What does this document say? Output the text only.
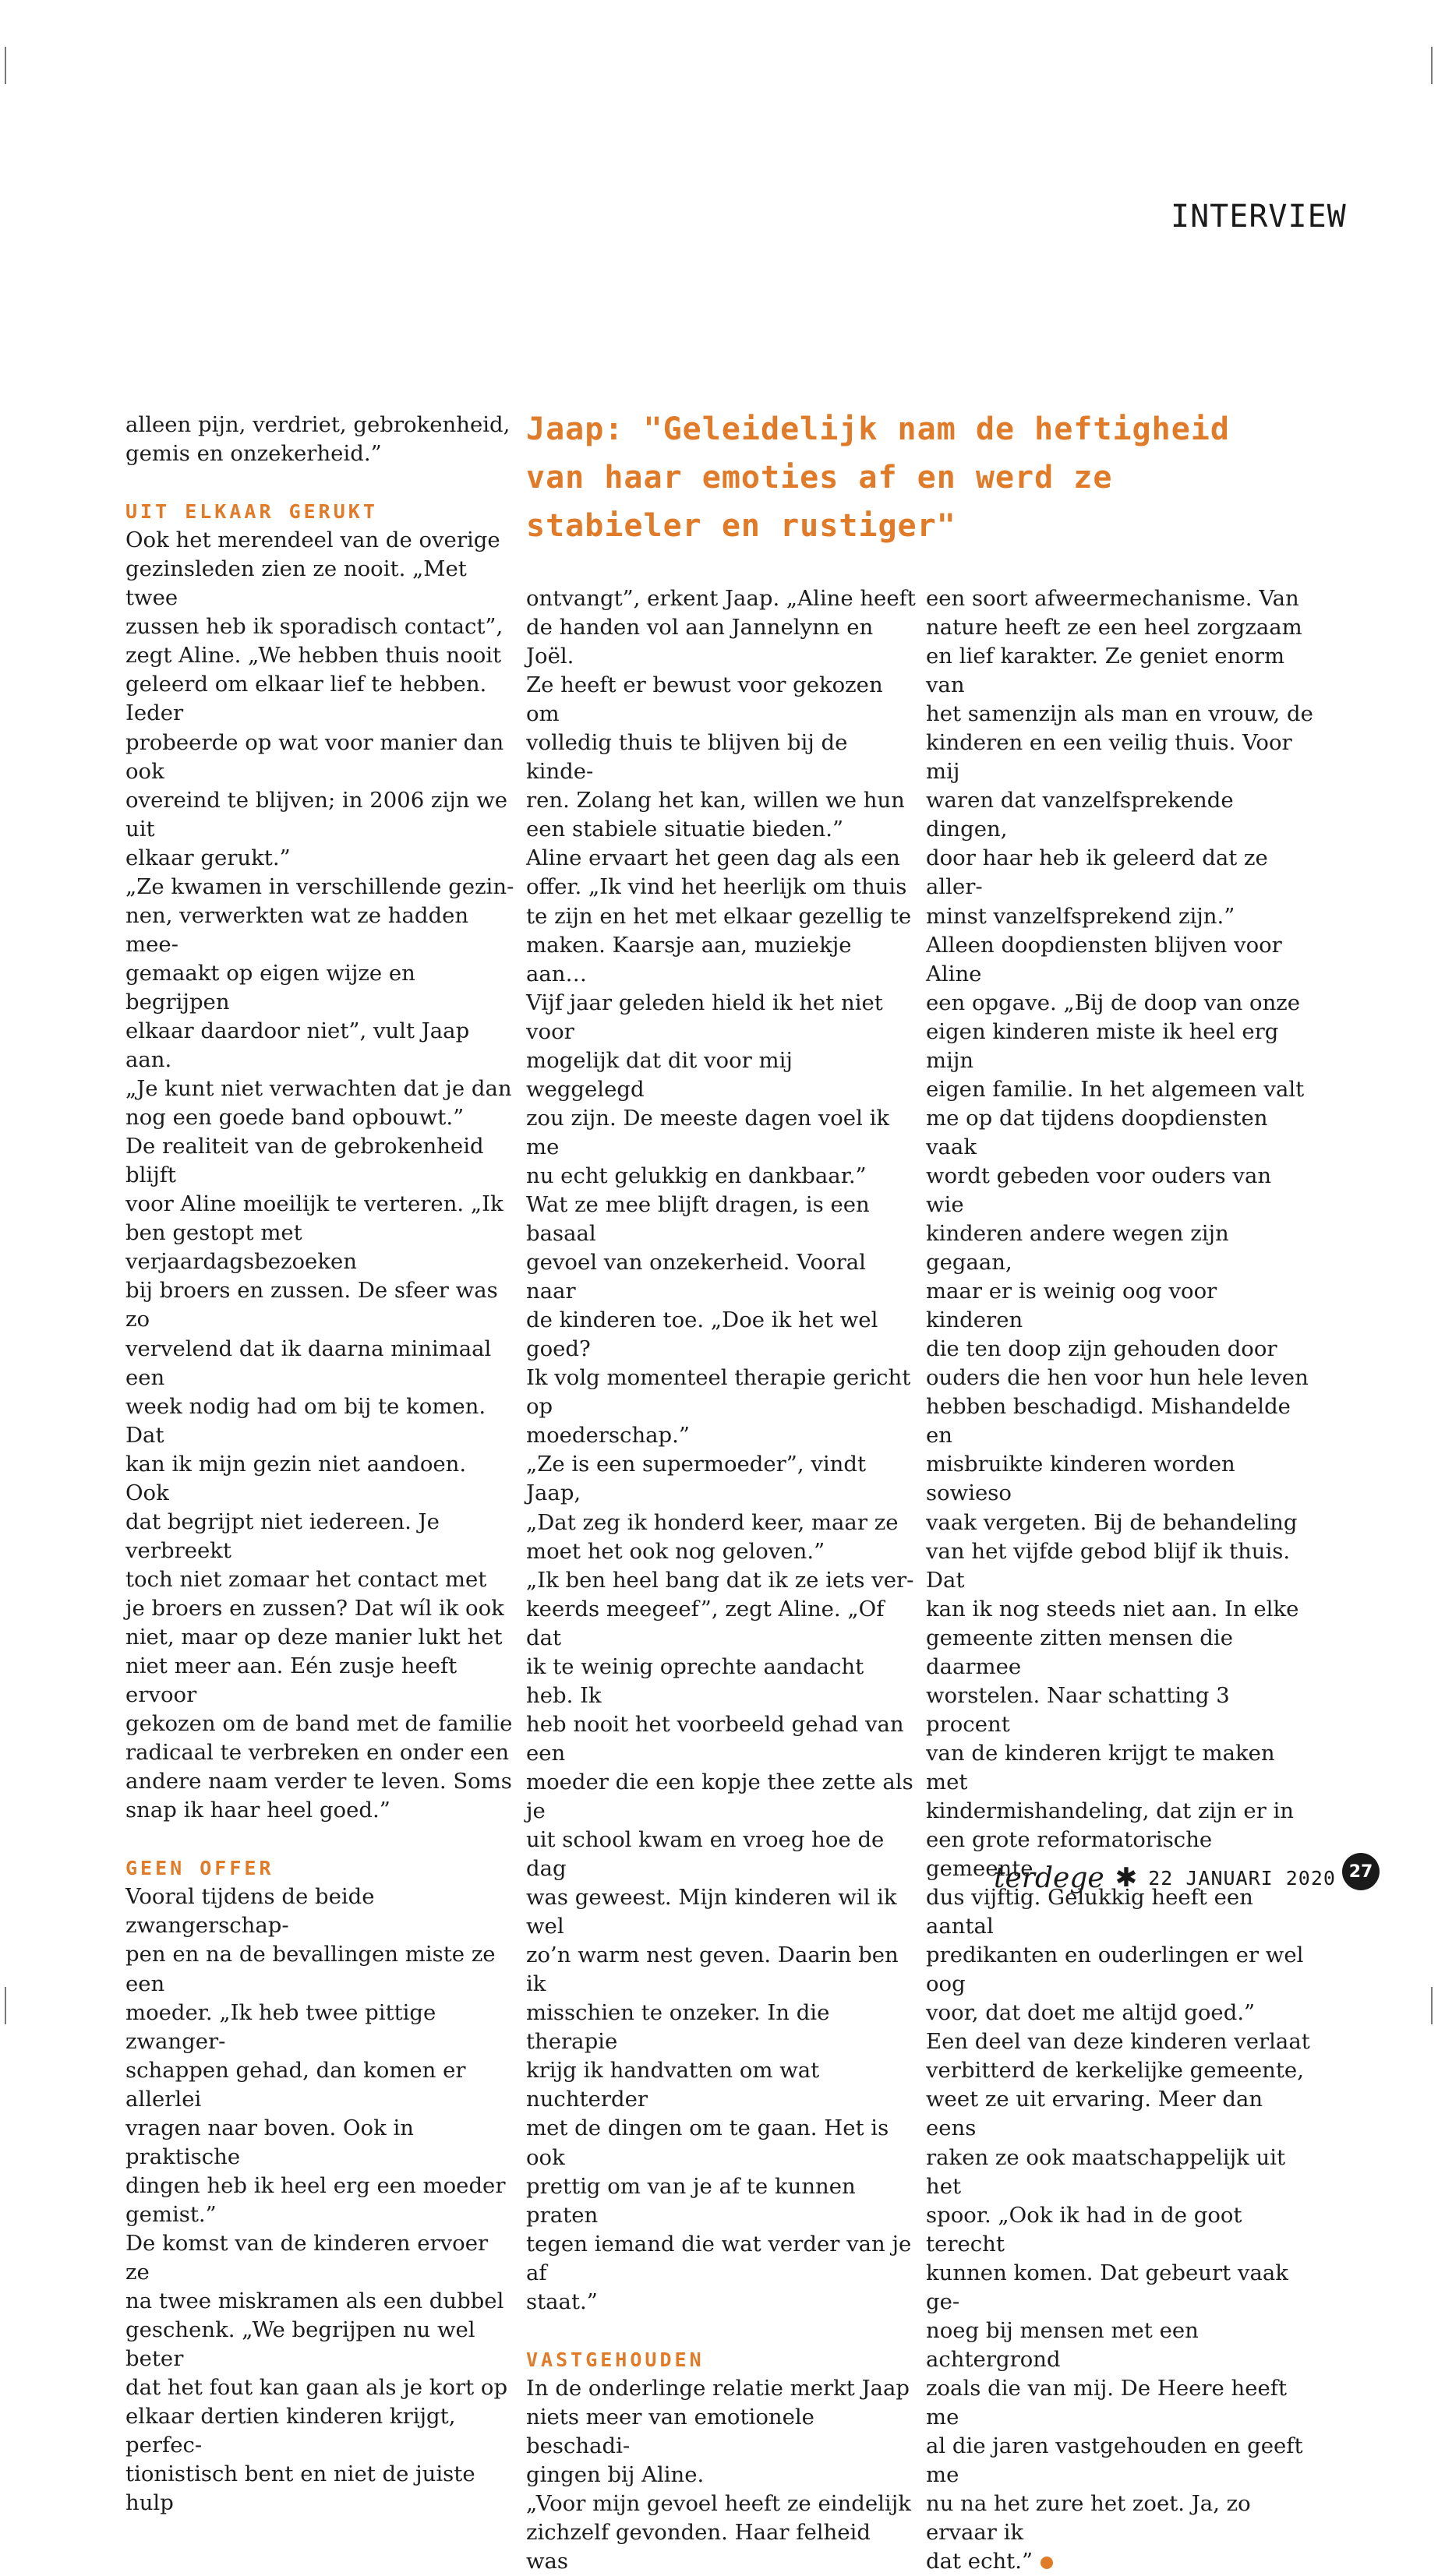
INTERVIEW
Jaap: "Geleidelijk nam de heftigheid
van haar emoties af en werd ze
stabieler en rustiger"

alleen pijn, verdriet, gebrokenheid,
gemis en onzekerheid.”

UIT ELKAAR GERUKT

Ook het merendeel van de overige
gezinsleden zien ze nooit. „Met twee
zussen heb ik sporadisch contact”,
zegt Aline. „We hebben thuis nooit
geleerd om elkaar lief te hebben. Ieder
probeerde op wat voor manier dan ook
overeind te blijven; in 2006 zijn we uit
elkaar gerukt.”

„Ze kwamen in verschillende gezin-
nen, verwerkten wat ze hadden mee-
gemaakt op eigen wijze en begrijpen
elkaar daardoor niet”, vult Jaap aan.
„Je kunt niet verwachten dat je dan
nog een goede band opbouwt.”

De realiteit van de gebrokenheid blijft
voor Aline moeilijk te verteren. „Ik
ben gestopt met verjaardagsbezoeken
bij broers en zussen. De sfeer was zo
vervelend dat ik daarna minimaal een
week nodig had om bij te komen. Dat
kan ik mijn gezin niet aandoen. Ook
dat begrijpt niet iedereen. Je verbreekt
toch niet zomaar het contact met
je broers en zussen? Dat wíl ik ook
niet, maar op deze manier lukt het
niet meer aan. Eén zusje heeft ervoor
gekozen om de band met de familie
radicaal te verbreken en onder een
andere naam verder te leven. Soms
snap ik haar heel goed.”

GEEN OFFER

Vooral tijdens de beide zwangerschap-
pen en na de bevallingen miste ze een
moeder. „Ik heb twee pittige zwanger-
schappen gehad, dan komen er allerlei
vragen naar boven. Ook in praktische
dingen heb ik heel erg een moeder
gemist.”

De komst van de kinderen ervoer ze
na twee miskramen als een dubbel
geschenk. „We begrijpen nu wel beter
dat het fout kan gaan als je kort op
elkaar dertien kinderen krijgt, perfec-
tionistisch bent en niet de juiste hulp

ontvangt”, erkent Jaap. „Aline heeft
de handen vol aan Jannelynn en Joël.
Ze heeft er bewust voor gekozen om
volledig thuis te blijven bij de kinde-
ren. Zolang het kan, willen we hun
een stabiele situatie bieden.”

Aline ervaart het geen dag als een
offer. „Ik vind het heerlijk om thuis
te zijn en het met elkaar gezellig te
maken. Kaarsje aan, muziekje aan…
Vijf jaar geleden hield ik het niet voor
mogelijk dat dit voor mij weggelegd
zou zijn. De meeste dagen voel ik me
nu echt gelukkig en dankbaar.”

Wat ze mee blijft dragen, is een basaal
gevoel van onzekerheid. Vooral naar
de kinderen toe. „Doe ik het wel goed?
Ik volg momenteel therapie gericht op
moederschap.”

„Ze is een supermoeder”, vindt Jaap,
„Dat zeg ik honderd keer, maar ze
moet het ook nog geloven.”

„Ik ben heel bang dat ik ze iets ver-
keerds meegeef”, zegt Aline. „Of dat
ik te weinig oprechte aandacht heb. Ik
heb nooit het voorbeeld gehad van een
moeder die een kopje thee zette als je
uit school kwam en vroeg hoe de dag
was geweest. Mijn kinderen wil ik wel
zo’n warm nest geven. Daarin ben ik
misschien te onzeker. In die therapie
krijg ik handvatten om wat nuchterder
met de dingen om te gaan. Het is ook
prettig om van je af te kunnen praten
tegen iemand die wat verder van je af
staat.”

VASTGEHOUDEN

In de onderlinge relatie merkt Jaap
niets meer van emotionele beschadi-
gingen bij Aline.

„Voor mijn gevoel heeft ze eindelijk
zichzelf gevonden. Haar felheid was

een soort afweermechanisme. Van
nature heeft ze een heel zorgzaam
en lief karakter. Ze geniet enorm van
het samenzijn als man en vrouw, de
kinderen en een veilig thuis. Voor mij
waren dat vanzelfsprekende dingen,
door haar heb ik geleerd dat ze aller-
minst vanzelfsprekend zijn.”

Alleen doopdiensten blijven voor Aline
een opgave. „Bij de doop van onze
eigen kinderen miste ik heel erg mijn
eigen familie. In het algemeen valt
me op dat tijdens doopdiensten vaak
wordt gebeden voor ouders van wie
kinderen andere wegen zijn gegaan,
maar er is weinig oog voor kinderen
die ten doop zijn gehouden door
ouders die hen voor hun hele leven
hebben beschadigd. Mishandelde en
misbruikte kinderen worden sowieso
vaak vergeten. Bij de behandeling
van het vijfde gebod blijf ik thuis. Dat
kan ik nog steeds niet aan. In elke
gemeente zitten mensen die daarmee
worstelen. Naar schatting 3 procent
van de kinderen krijgt te maken met
kindermishandeling, dat zijn er in
een grote reformatorische gemeente
dus vijftig. Gelukkig heeft een aantal
predikanten en ouderlingen er wel oog
voor, dat doet me altijd goed.”

Een deel van deze kinderen verlaat
verbitterd de kerkelijke gemeente,
weet ze uit ervaring. Meer dan eens
raken ze ook maatschappelijk uit het
spoor. „Ook ik had in de goot terecht
kunnen komen. Dat gebeurt vaak ge-
noeg bij mensen met een achtergrond
zoals die van mij. De Heere heeft me
al die jaren vastgehouden en geeft me
nu na het zure het zoet. Ja, zo ervaar ik
dat echt.”

terdege ✱ 22 JANUARI 2020 27
